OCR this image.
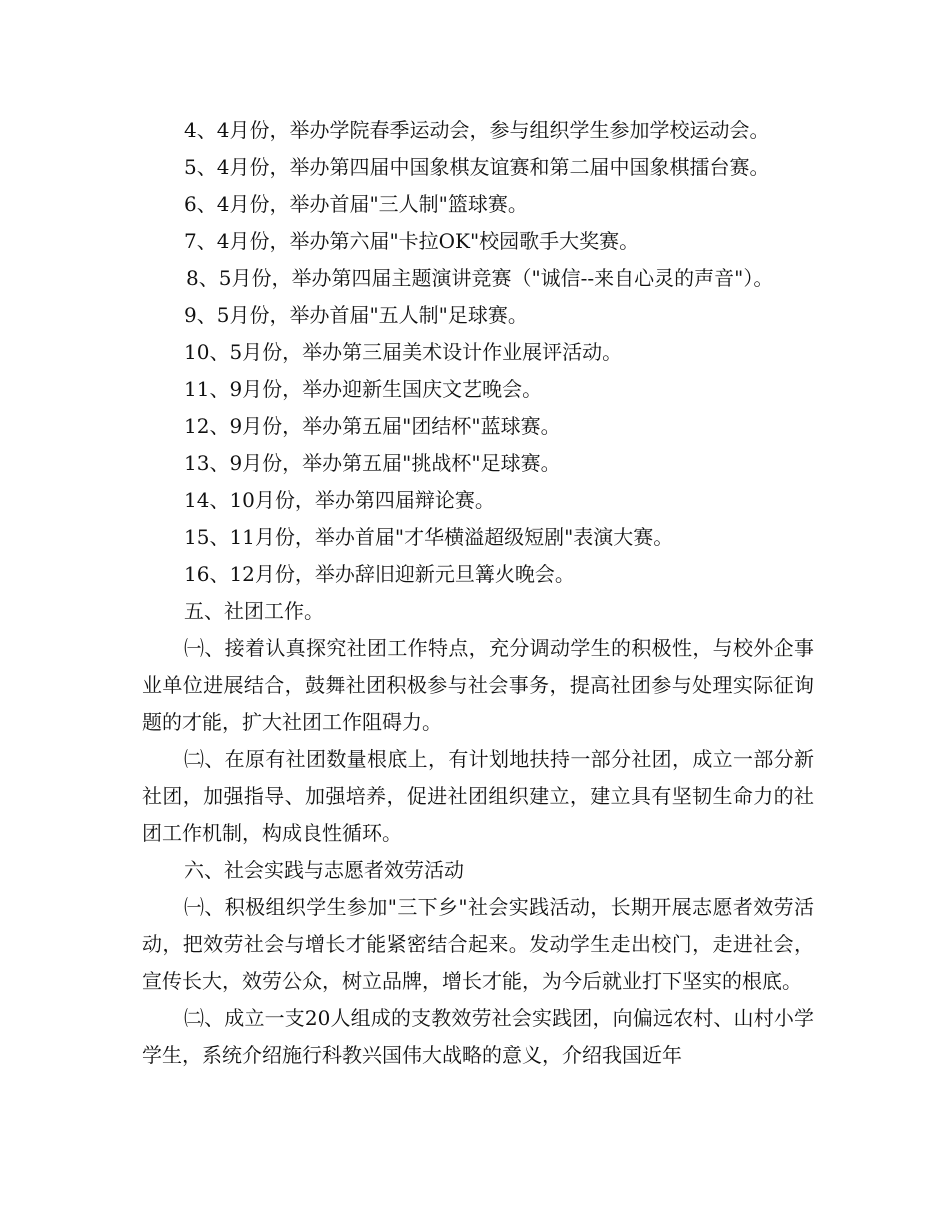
4、4月份，举办学院春季运动会，参与组织学生参加学校运动会。

5、4月份，举办第四届中国象棋友谊赛和第二届中国象棋擂台赛。

6、4月份，举办首届"三人制"篮球赛。

7、4月份，举办第六届"卡拉OK"校园歌手大奖赛。

8、5月份，举办第四届主题演讲竞赛（"诚信--来自心灵的声音"）。

9、5月份，举办首届"五人制"足球赛。

10、5月份，举办第三届美术设计作业展评活动。

11、9月份，举办迎新生国庆文艺晚会。

12、9月份，举办第五届"团结杯"蓝球赛。

13、9月份，举办第五届"挑战杯"足球赛。

14、10月份，举办第四届辩论赛。

15、11月份，举办首届"才华横溢超级短剧"表演大赛。

16、12月份，举办辞旧迎新元旦篝火晚会。

五、社团工作。

㈠、接着认真探究社团工作特点，充分调动学生的积极性，与校外企事业单位进展结合，鼓舞社团积极参与社会事务，提高社团参与处理实际征询题的才能，扩大社团工作阻碍力。

㈡、在原有社团数量根底上，有计划地扶持一部分社团，成立一部分新社团，加强指导、加强培养，促进社团组织建立，建立具有坚韧生命力的社团工作机制，构成良性循环。

六、社会实践与志愿者效劳活动

㈠、积极组织学生参加"三下乡"社会实践活动，长期开展志愿者效劳活动，把效劳社会与增长才能紧密结合起来。发动学生走出校门，走进社会，宣传长大，效劳公众，树立品牌，增长才能，为今后就业打下坚实的根底。

㈡、成立一支20人组成的支教效劳社会实践团，向偏远农村、山村小学学生，系统介绍施行科教兴国伟大战略的意义，介绍我国近年
